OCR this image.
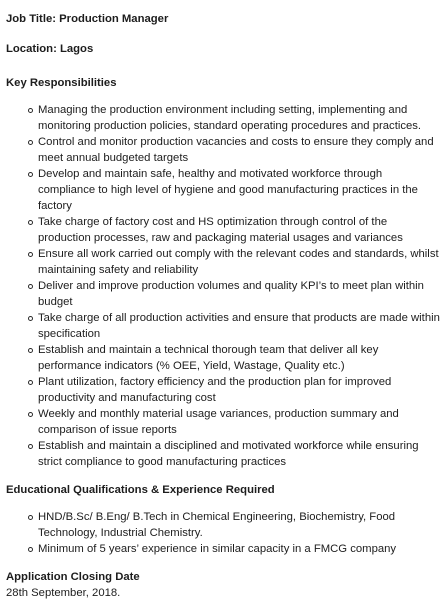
Job Title: Production Manager
Location: Lagos
Key Responsibilities
Managing the production environment including setting, implementing and
monitoring production policies, standard operating procedures and practices.
Control and monitor production vacancies and costs to ensure they comply and
meet annual budgeted targets
Develop and maintain safe, healthy and motivated workforce through
compliance to high level of hygiene and good manufacturing practices in the
factory
Take charge of factory cost and HS optimization through control of the
production processes, raw and packaging material usages and variances
Ensure all work carried out comply with the relevant codes and standards, whilst
maintaining safety and reliability
Deliver and improve production volumes and quality KPI’s to meet plan within
budget
Take charge of all production activities and ensure that products are made within
specification
Establish and maintain a technical thorough team that deliver all key
performance indicators (% OEE, Yield, Wastage, Quality etc.)
Plant utilization, factory efficiency and the production plan for improved
productivity and manufacturing cost
Weekly and monthly material usage variances, production summary and
comparison of issue reports
Establish and maintain a disciplined and motivated workforce while ensuring
strict compliance to good manufacturing practices
Educational Qualifications & Experience Required
HND/B.Sc/ B.Eng/ B.Tech in Chemical Engineering, Biochemistry, Food
Technology, Industrial Chemistry.
Minimum of 5 years’ experience in similar capacity in a FMCG company
Application Closing Date
28th September, 2018.
